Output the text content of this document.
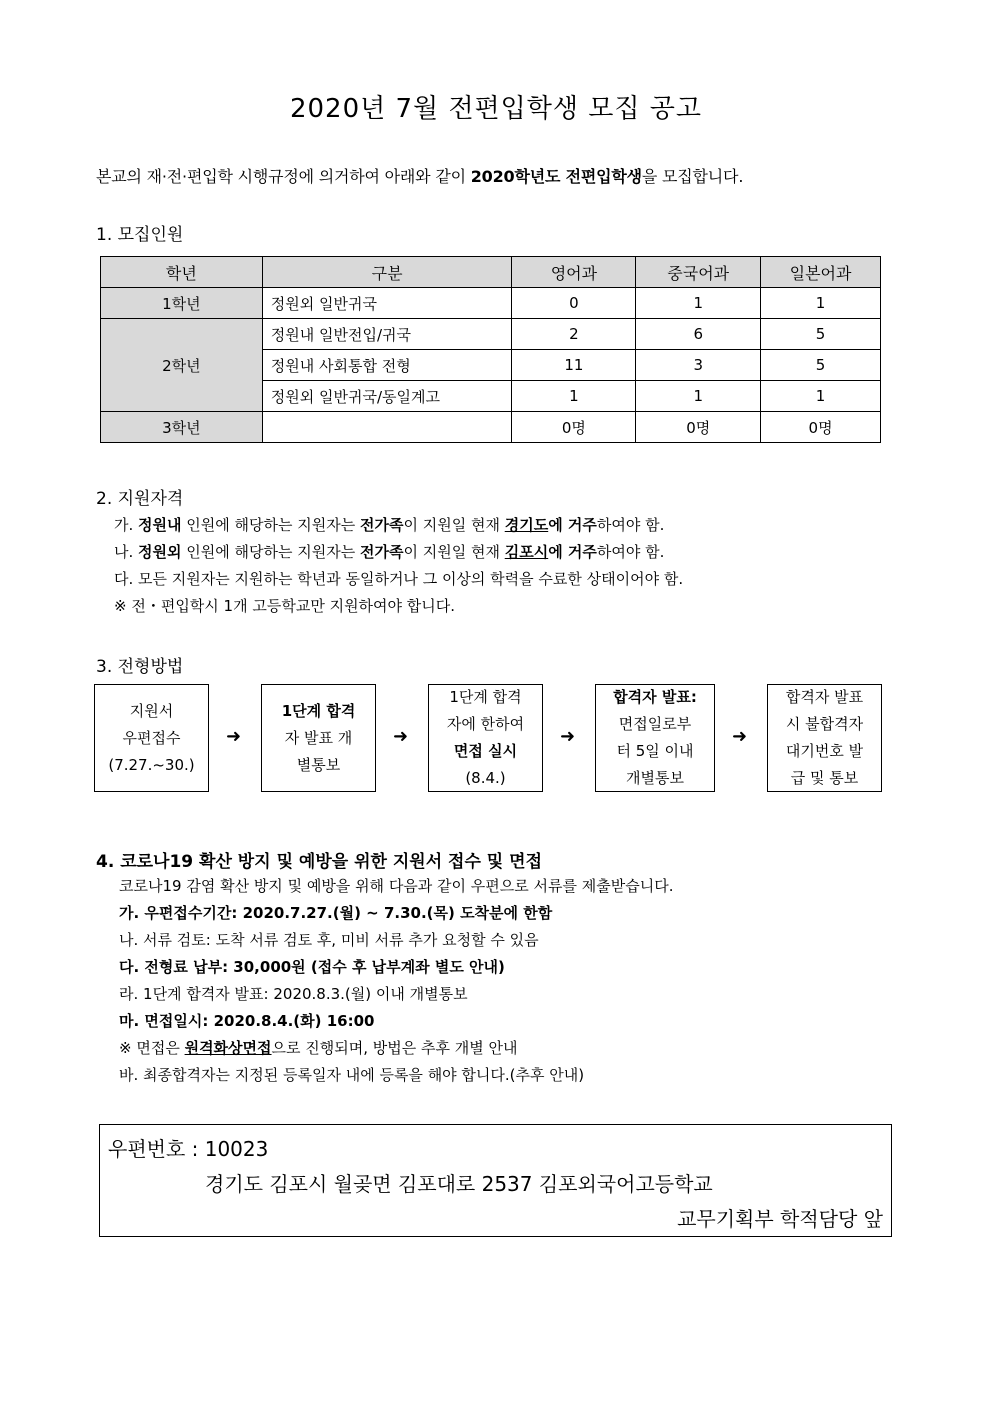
2020년 7월 전편입학생 모집 공고
본교의 재·전·편입학 시행규정에 의거하여 아래와 같이 2020학년도 전편입학생을 모집합니다.
1. 모집인원
학년	구분	영어과	중국어과	일본어과
1학년	정원외 일반귀국	0	1	1
2학년	정원내 일반전입/귀국	2	6	5
	정원내 사회통합 전형	11	3	5
	정원외 일반귀국/동일계고	1	1	1
3학년		0명	0명	0명
2. 지원자격
가. 정원내 인원에 해당하는 지원자는 전가족이 지원일 현재 경기도에 거주하여야 함.
나. 정원외 인원에 해당하는 지원자는 전가족이 지원일 현재 김포시에 거주하여야 함.
다. 모든 지원자는 지원하는 학년과 동일하거나 그 이상의 학력을 수료한 상태이어야 함.
※ 전・편입학시 1개 고등학교만 지원하여야 합니다.
3. 전형방법
지원서
우편접수
(7.27.~30.)
➜
1단계 합격
자 발표 개
별통보
➜
1단계 합격
자에 한하여
면접 실시
(8.4.)
➜
합격자 발표:
면접일로부
터 5일 이내
개별통보
➜
합격자 발표
시 불합격자
대기번호 발
급 및 통보
4. 코로나19 확산 방지 및 예방을 위한 지원서 접수 및 면접
코로나19 감염 확산 방지 및 예방을 위해 다음과 같이 우편으로 서류를 제출받습니다.
가. 우편접수기간: 2020.7.27.(월) ~ 7.30.(목) 도착분에 한함
나. 서류 검토: 도착 서류 검토 후, 미비 서류 추가 요청할 수 있음
다. 전형료 납부: 30,000원 (접수 후 납부계좌 별도 안내)
라. 1단계 합격자 발표: 2020.8.3.(월) 이내 개별통보
마. 면접일시: 2020.8.4.(화) 16:00
※ 면접은 원격화상면접으로 진행되며, 방법은 추후 개별 안내
바. 최종합격자는 지정된 등록일자 내에 등록을 해야 합니다.(추후 안내)
우편번호 : 10023
경기도 김포시 월곶면 김포대로 2537 김포외국어고등학교
교무기획부 학적담당 앞
